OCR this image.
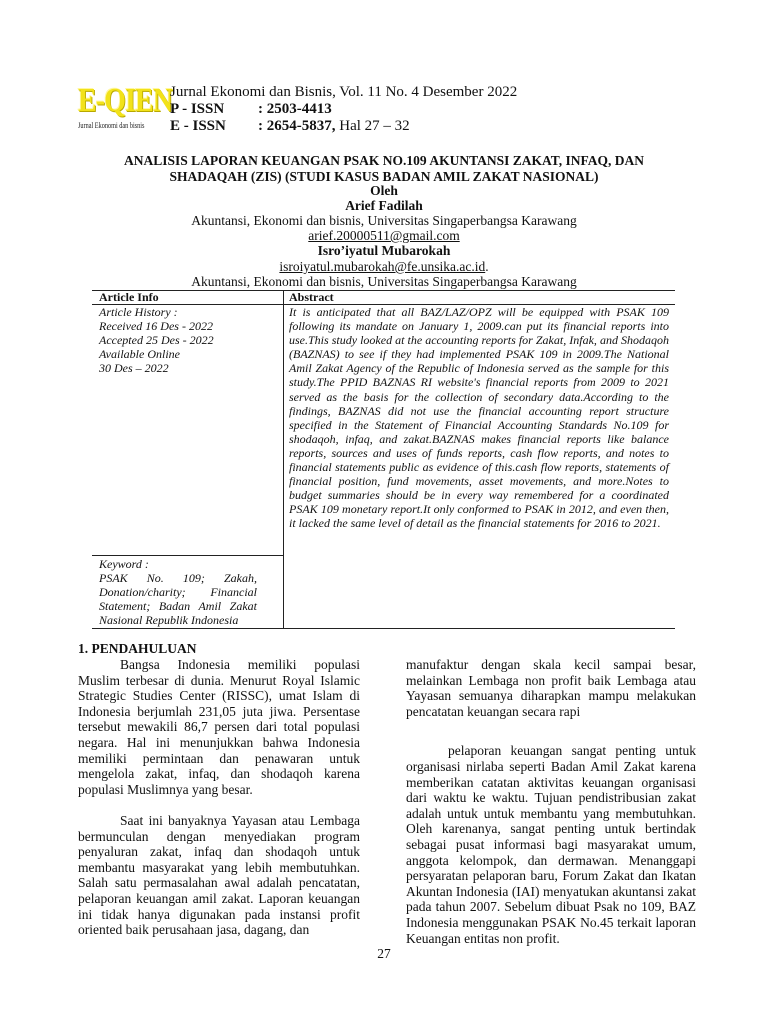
E-QIEN
Jurnal Ekonomi dan bisnis
Jurnal Ekonomi dan Bisnis, Vol. 11 No. 4 Desember 2022
P - ISSN : 2503-4413
E - ISSN : 2654-5837, Hal 27 – 32
ANALISIS LAPORAN KEUANGAN PSAK NO.109 AKUNTANSI ZAKAT, INFAQ, DAN
SHADAQAH (ZIS) (STUDI KASUS BADAN AMIL ZAKAT NASIONAL)
Oleh
Arief Fadilah
Akuntansi, Ekonomi dan bisnis, Universitas Singaperbangsa Karawang
arief.20000511@gmail.com
Isro’iyatul Mubarokah
isroiyatul.mubarokah@fe.unsika.ac.id.
Akuntansi, Ekonomi dan bisnis, Universitas Singaperbangsa Karawang
Article Info	Abstract
Article History :
Received 16 Des - 2022
Accepted 25 Des - 2022
Available Online
30 Des – 2022
It is anticipated that all BAZ/LAZ/OPZ will be equipped with PSAK 109 following its mandate on January 1, 2009.can put its financial reports into use.This study looked at the accounting reports for Zakat, Infak, and Shodaqoh (BAZNAS) to see if they had implemented PSAK 109 in 2009.The National Amil Zakat Agency of the Republic of Indonesia served as the sample for this study.The PPID BAZNAS RI website's financial reports from 2009 to 2021 served as the basis for the collection of secondary data.According to the findings, BAZNAS did not use the financial accounting report structure specified in the Statement of Financial Accounting Standards No.109 for shodaqoh, infaq, and zakat.BAZNAS makes financial reports like balance reports, sources and uses of funds reports, cash flow reports, and notes to financial statements public as evidence of this.cash flow reports, statements of financial position, fund movements, asset movements, and more.Notes to budget summaries should be in every way remembered for a coordinated PSAK 109 monetary report.It only conformed to PSAK in 2012, and even then, it lacked the same level of detail as the financial statements for 2016 to 2021.
Keyword :
PSAK No. 109; Zakah, Donation/charity; Financial Statement; Badan Amil Zakat Nasional Republik Indonesia
1. PENDAHULUAN

Bangsa Indonesia memiliki populasi Muslim terbesar di dunia. Menurut Royal Islamic Strategic Studies Center (RISSC), umat Islam di Indonesia berjumlah 231,05 juta jiwa. Persentase tersebut mewakili 86,7 persen dari total populasi negara. Hal ini menunjukkan bahwa Indonesia memiliki permintaan dan penawaran untuk mengelola zakat, infaq, dan shodaqoh karena populasi Muslimnya yang besar.

Saat ini banyaknya Yayasan atau Lembaga bermunculan dengan menyediakan program penyaluran zakat, infaq dan shodaqoh untuk membantu masyarakat yang lebih membutuhkan. Salah satu permasalahan awal adalah pencatatan, pelaporan keuangan amil zakat. Laporan keuangan ini tidak hanya digunakan pada instansi profit oriented baik perusahaan jasa, dagang, dan

manufaktur dengan skala kecil sampai besar, melainkan Lembaga non profit baik Lembaga atau Yayasan semuanya diharapkan mampu melakukan pencatatan keuangan secara rapi

pelaporan keuangan sangat penting untuk organisasi nirlaba seperti Badan Amil Zakat karena memberikan catatan aktivitas keuangan organisasi dari waktu ke waktu. Tujuan pendistribusian zakat adalah untuk untuk membantu yang membutuhkan. Oleh karenanya, sangat penting untuk bertindak sebagai pusat informasi bagi masyarakat umum, anggota kelompok, dan dermawan. Menanggapi persyaratan pelaporan baru, Forum Zakat dan Ikatan Akuntan Indonesia (IAI) menyatukan akuntansi zakat pada tahun 2007. Sebelum dibuat Psak no 109, BAZ Indonesia menggunakan PSAK No.45 terkait laporan Keuangan entitas non profit.

27
